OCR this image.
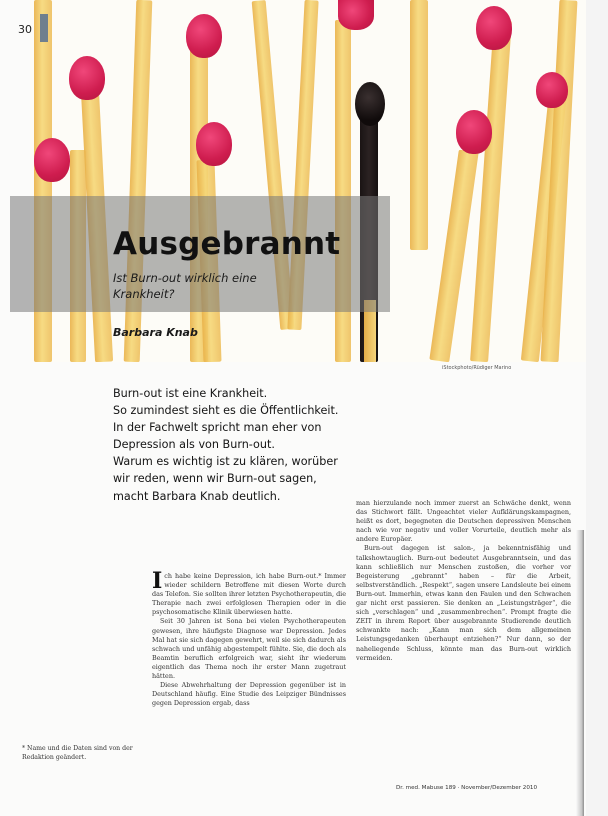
30
Ausgebrannt
Ist Burn-out wirklich eine Krankheit?
Barbara Knab
iStockphoto/Rüdiger Marino
Burn-out ist eine Krankheit.
So zumindest sieht es die Öffentlichkeit.
In der Fachwelt spricht man eher von
Depression als von Burn-out.
Warum es wichtig ist zu klären, worüber
wir reden, wenn wir Burn-out sagen,
macht Barbara Knab deutlich.

Ich habe keine Depression, ich habe Burn-out.* Immer wieder schildern Betroffene mit diesen Worte durch das Telefon. Sie sollten ihrer letzten Psychotherapeutin, die Therapie nach zwei erfolglosen Therapien oder in die psychosomatische Klinik überwiesen hatte.

Seit 30 Jahren ist Sona bei vielen Psychotherapeuten gewesen, ihre häufigste Diagnose war Depression. Jedes Mal hat sie sich dagegen gewehrt, weil sie sich dadurch als schwach und unfähig abgestempelt fühlte. Sie, die doch als Beamtin beruflich erfolgreich war, sieht ihr wiederum eigentlich das Thema noch ihr erster Mann zugetraut hätten.

Diese Abwehrhaltung der Depression gegenüber ist in Deutschland häufig. Eine Studie des Leipziger Bündnisses gegen Depression ergab, dass

man hierzulande noch immer zuerst an Schwäche denkt, wenn das Stichwort fällt. Ungeachtet vieler Aufklärungskampagnen, heißt es dort, begegneten die Deutschen depressiven Menschen nach wie vor negativ und voller Vorurteile, deutlich mehr als andere Europäer.

Burn-out dagegen ist salon-, ja bekenntnisfähig und talkshowtauglich. Burn-out bedeutet Ausgebranntsein, und das kann schließlich nur Menschen zustoßen, die vorher vor Begeisterung „gebrannt“ haben – für die Arbeit, selbstverständlich. „Respekt“, sagen unsere Landsleute bei einem Burn-out. Immerhin, etwas kann den Faulen und den Schwachen gar nicht erst passieren. Sie denken an „Leistungsträger“, die sich „verschlagen“ und „zusammenbrechen“. Prompt fragte die ZEIT in ihrem Report über ausgebrannte Studierende deutlich schwankte nach: „Kann man sich dem allgemeinen Leistungsgedanken überhaupt entziehen?“ Nur dann, so der naheliegende Schluss, könnte man das Burn-out wirklich vermeiden.

* Name und die Daten sind von der Redaktion geändert.
Dr. med. Mabuse 189 · November/Dezember 2010
